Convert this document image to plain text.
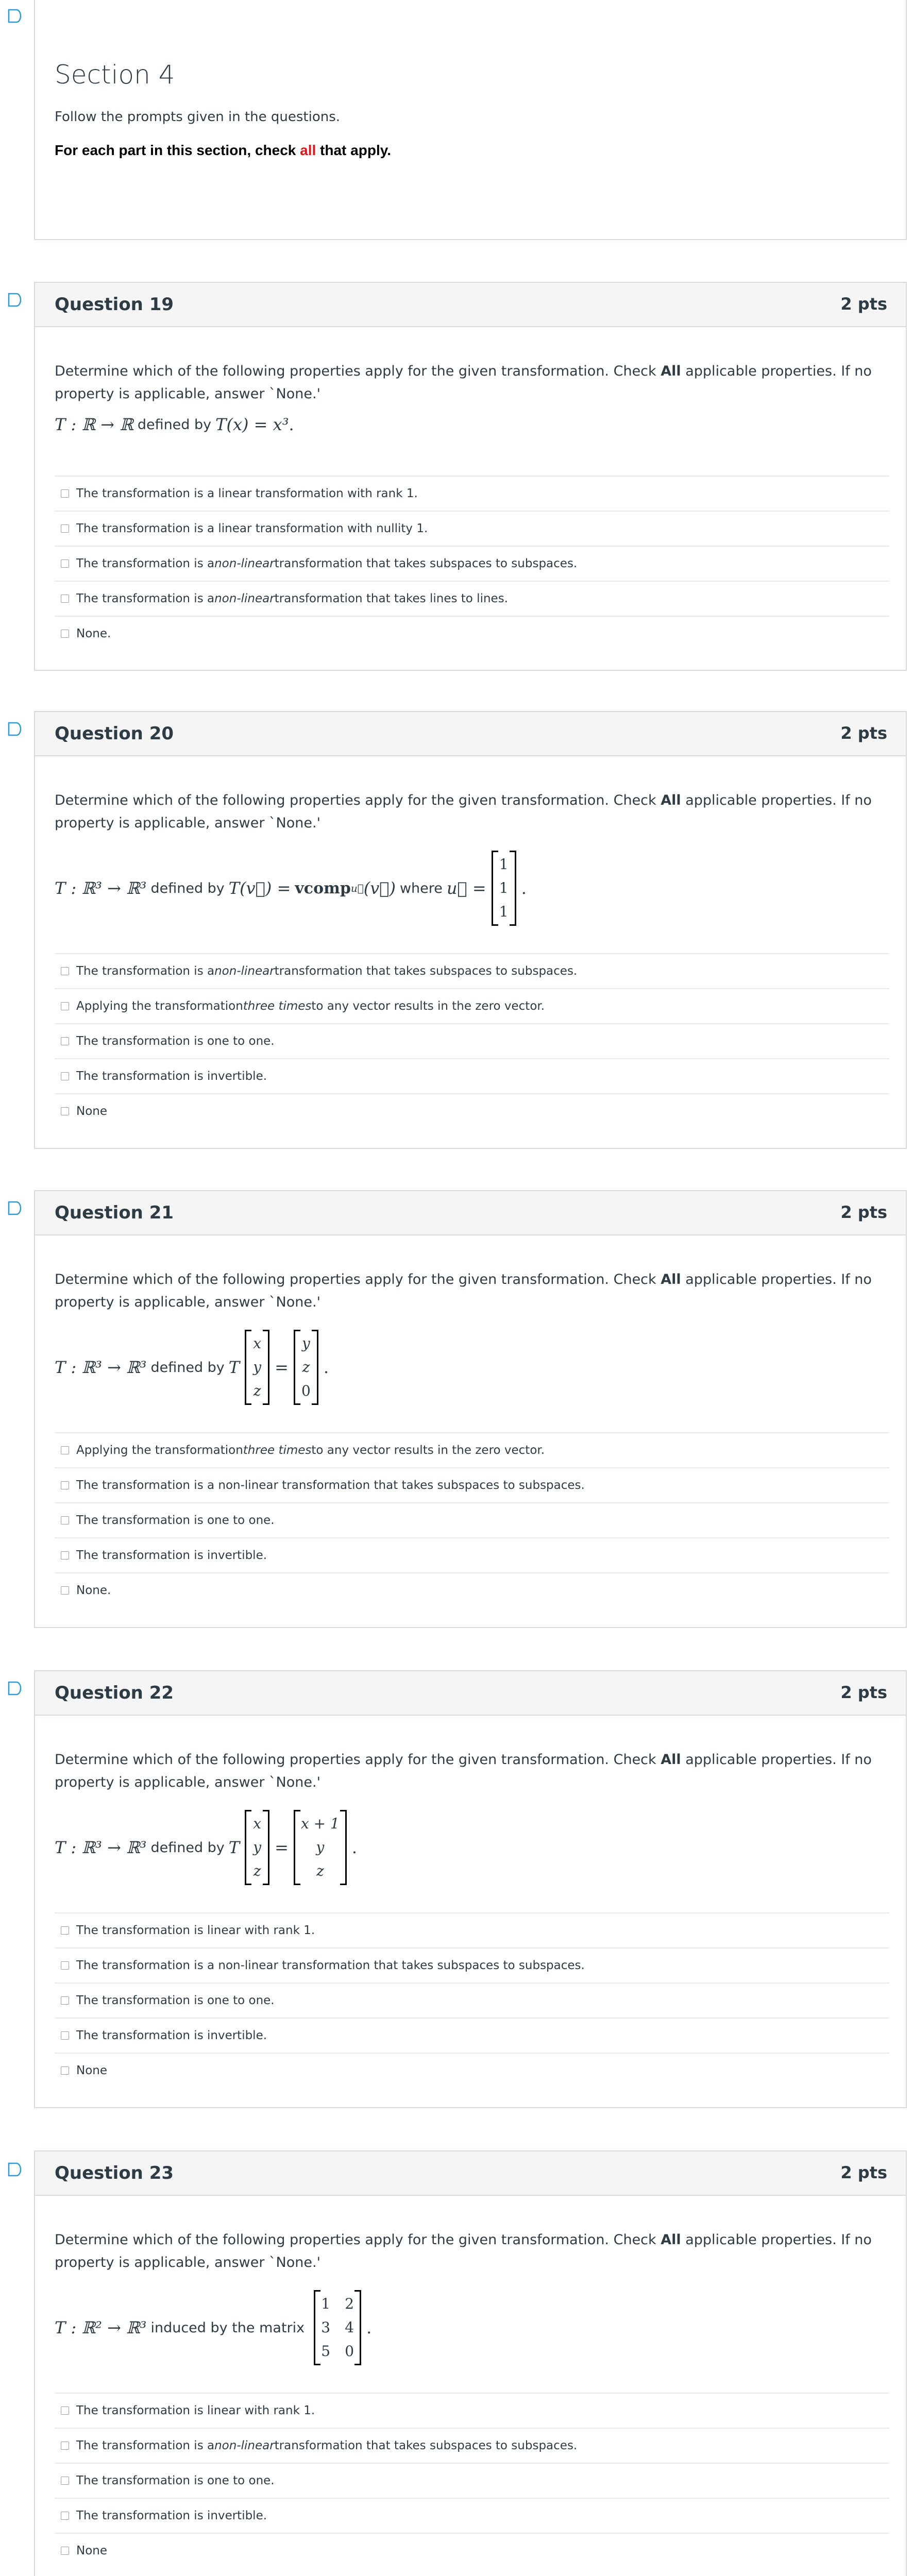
Section 4
Follow the prompts given in the questions.
For each part in this section, check all that apply.
Question 19	2 pts
Determine which of the following properties apply for the given transformation. Check All applicable properties. If no property is applicable, answer `None.'
T : ℝ → ℝ defined by T(x) = x³ .
The transformation is a linear transformation with rank 1.
The transformation is a linear transformation with nullity 1.
The transformation is a non-linear transformation that takes subspaces to subspaces.
The transformation is a non-linear transformation that takes lines to lines.
None.
Question 20	2 pts
Determine which of the following properties apply for the given transformation. Check All applicable properties. If no property is applicable, answer `None.'
T : ℝ³ → ℝ³ defined by T(v⃗) = vcomp u⃗ (v⃗) where u⃗ =
1
1
1
.
The transformation is a non-linear transformation that takes subspaces to subspaces.
Applying the transformation three times to any vector results in the zero vector.
The transformation is one to one.
The transformation is invertible.
None
Question 21	2 pts
Determine which of the following properties apply for the given transformation. Check All applicable properties. If no property is applicable, answer `None.'
T : ℝ³ → ℝ³ defined by T
x
y
z
=
y
z
0
.
Applying the transformation three times to any vector results in the zero vector.
The transformation is a non-linear transformation that takes subspaces to subspaces.
The transformation is one to one.
The transformation is invertible.
None.
Question 22	2 pts
Determine which of the following properties apply for the given transformation. Check All applicable properties. If no property is applicable, answer `None.'
T : ℝ³ → ℝ³ defined by T
x
y
z
=
x + 1
y
z
.
The transformation is linear with rank 1.
The transformation is a non-linear transformation that takes subspaces to subspaces.
The transformation is one to one.
The transformation is invertible.
None
Question 23	2 pts
Determine which of the following properties apply for the given transformation. Check All applicable properties. If no property is applicable, answer `None.'
T : ℝ² → ℝ³ induced by the matrix
1 2
3 4
5 0
.
The transformation is linear with rank 1.
The transformation is a non-linear transformation that takes subspaces to subspaces.
The transformation is one to one.
The transformation is invertible.
None
